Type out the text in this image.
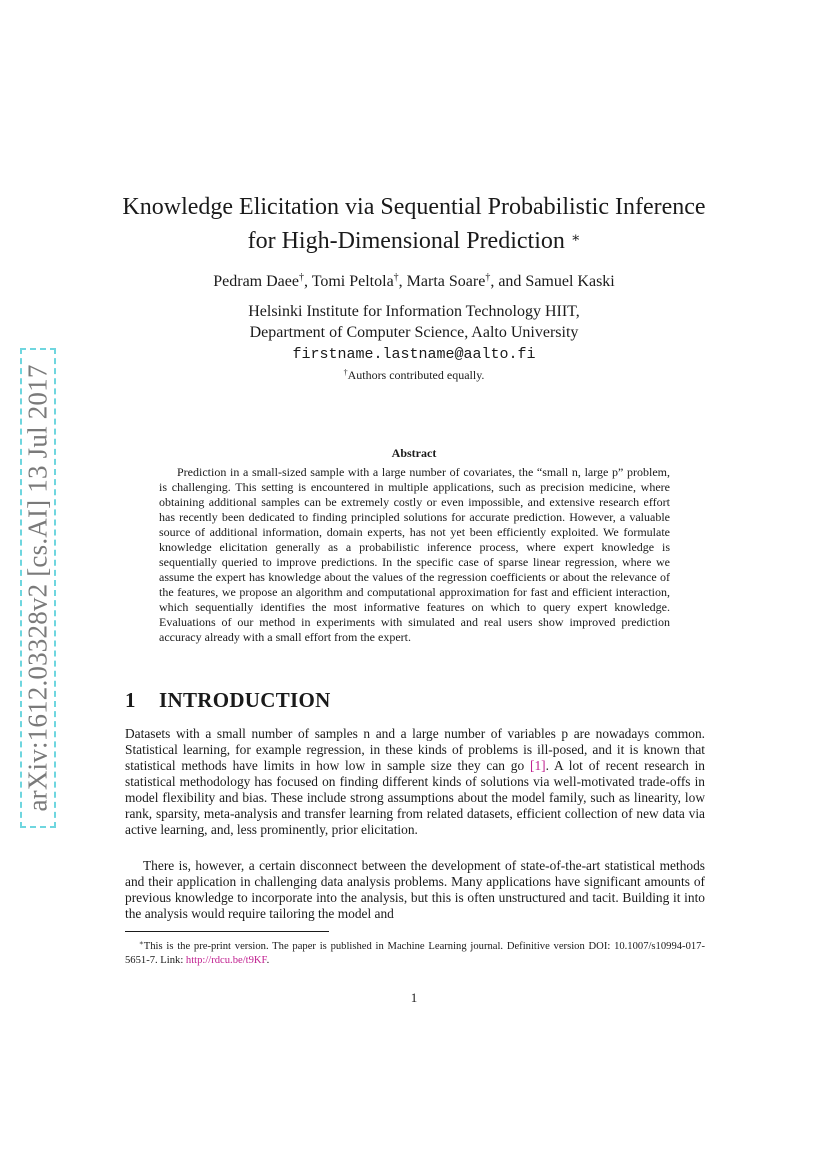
arXiv:1612.03328v2 [cs.AI] 13 Jul 2017
Knowledge Elicitation via Sequential Probabilistic Inference
for High-Dimensional Prediction ∗
Pedram Daee†, Tomi Peltola†, Marta Soare†, and Samuel Kaski
Helsinki Institute for Information Technology HIIT,
Department of Computer Science, Aalto University
firstname.lastname@aalto.fi
†Authors contributed equally.
Abstract
Prediction in a small-sized sample with a large number of covariates, the “small n, large p” problem, is challenging. This setting is encountered in multiple applications, such as precision medicine, where obtaining additional samples can be extremely costly or even impossible, and extensive research effort has recently been dedicated to finding principled solutions for accurate prediction. However, a valuable source of additional information, domain experts, has not yet been efficiently exploited. We formulate knowledge elicitation generally as a probabilistic inference process, where expert knowledge is sequentially queried to improve predictions. In the specific case of sparse linear regression, where we assume the expert has knowledge about the values of the regression coefficients or about the relevance of the features, we propose an algorithm and computational approximation for fast and efficient interaction, which sequentially identifies the most informative features on which to query expert knowledge. Evaluations of our method in experiments with simulated and real users show improved prediction accuracy already with a small effort from the expert.
1 INTRODUCTION
Datasets with a small number of samples n and a large number of variables p are nowadays common. Statistical learning, for example regression, in these kinds of problems is ill-posed, and it is known that statistical methods have limits in how low in sample size they can go [1]. A lot of recent research in statistical methodology has focused on finding different kinds of solutions via well-motivated trade-offs in model flexibility and bias. These include strong assumptions about the model family, such as linearity, low rank, sparsity, meta-analysis and transfer learning from related datasets, efficient collection of new data via active learning, and, less prominently, prior elicitation.
There is, however, a certain disconnect between the development of state-of-the-art statistical methods and their application in challenging data analysis problems. Many applications have significant amounts of previous knowledge to incorporate into the analysis, but this is often unstructured and tacit. Building it into the analysis would require tailoring the model and
∗This is the pre-print version. The paper is published in Machine Learning journal. Definitive version DOI: 10.1007/s10994-017-5651-7. Link: http://rdcu.be/t9KF.
1
